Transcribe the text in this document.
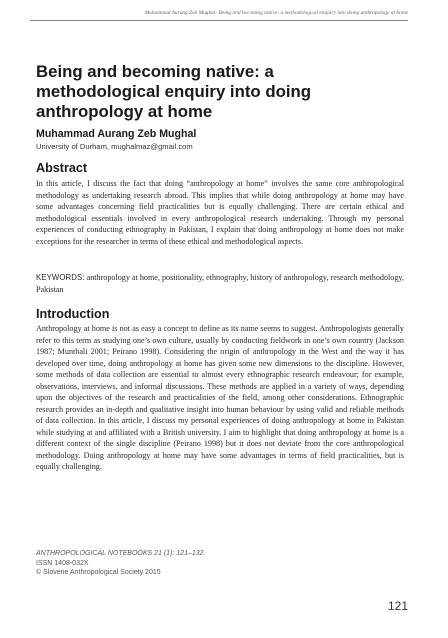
Muhammad Aurang Zeb Mughal: Being and becoming native: a methodological enquiry into doing anthropology at home
Being and becoming native: a methodological enquiry into doing anthropology at home

Muhammad Aurang Zeb Mughal

University of Durham, mughalmaz@gmail.com

Abstract

In this article, I discuss the fact that doing “anthropology at home” involves the same core anthropological methodology as undertaking research abroad. This implies that while doing anthropology at home may have some advantages concerning field practicalities but is equally challenging. There are certain ethical and methodological essentials involved in every anthropological research undertaking. Through my personal experiences of conducting ethnography in Pakistan, I explain that doing anthropology at home does not make exceptions for the researcher in terms of these ethical and methodological aspects.

KEYWORDS: anthropology at home, positionality, ethnography, history of anthropology, research methodology, Pakistan

Introduction

Anthropology at home is not as easy a concept to define as its name seems to suggest. Anthropologists generally refer to this term as studying one’s own culture, usually by conducting fieldwork in one’s own country (Jackson 1987; Munthali 2001; Peirano 1998). Considering the origin of anthropology in the West and the way it has developed over time, doing anthropology at home has given some new dimensions to the discipline. However, some methods of data collection are essential to almost every ethnographic research endeavour; for example, observations, interviews, and informal discussions. These methods are applied in a variety of ways, depending upon the objectives of the research and practicalities of the field, among other considerations. Ethnographic research provides an in-depth and qualitative insight into human behaviour by using valid and reliable methods of data collection. In this article, I discuss my personal experiences of doing anthropology at home in Pakistan while studying at and affiliated with a British university. I aim to highlight that doing anthropology at home is a different context of the single discipline (Peirano 1998) but it does not deviate from the core anthropological methodology. Doing anthropology at home may have some advantages in terms of field practicalities, but is equally challenging.

ANTHROPOLOGICAL NOTEBOOKS 21 (1): 121–132.
ISSN 1408-032X
© Slovene Anthropological Society 2015
121
